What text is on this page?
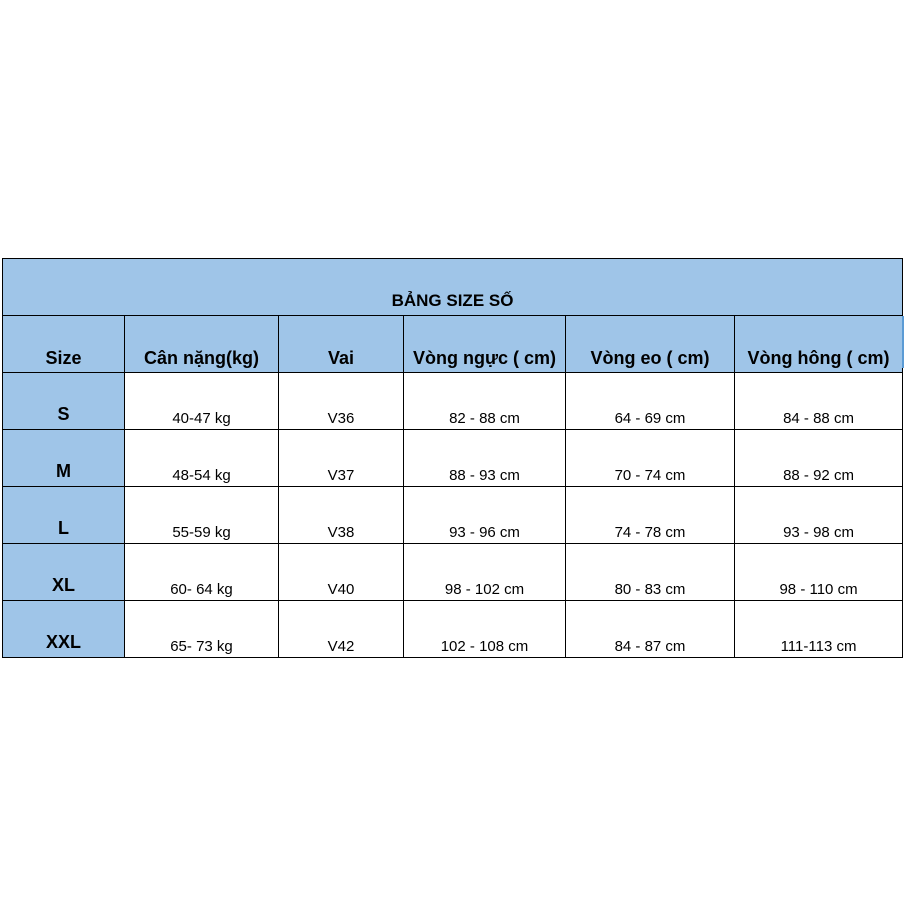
BẢNG SIZE SỐ					
Size	Cân nặng(kg)	Vai	Vòng ngực ( cm)	Vòng eo ( cm)	Vòng hông ( cm)
S	40-47 kg	V36	82 - 88 cm	64 - 69 cm	84 - 88 cm
M	48-54 kg	V37	88 - 93 cm	70 - 74 cm	88 - 92 cm
L	55-59 kg	V38	93 - 96 cm	74 - 78 cm	93 - 98 cm
XL	60- 64 kg	V40	98 - 102 cm	80 - 83 cm	98 - 110 cm
XXL	65- 73 kg	V42	102 - 108 cm	84 - 87 cm	111-113 cm
